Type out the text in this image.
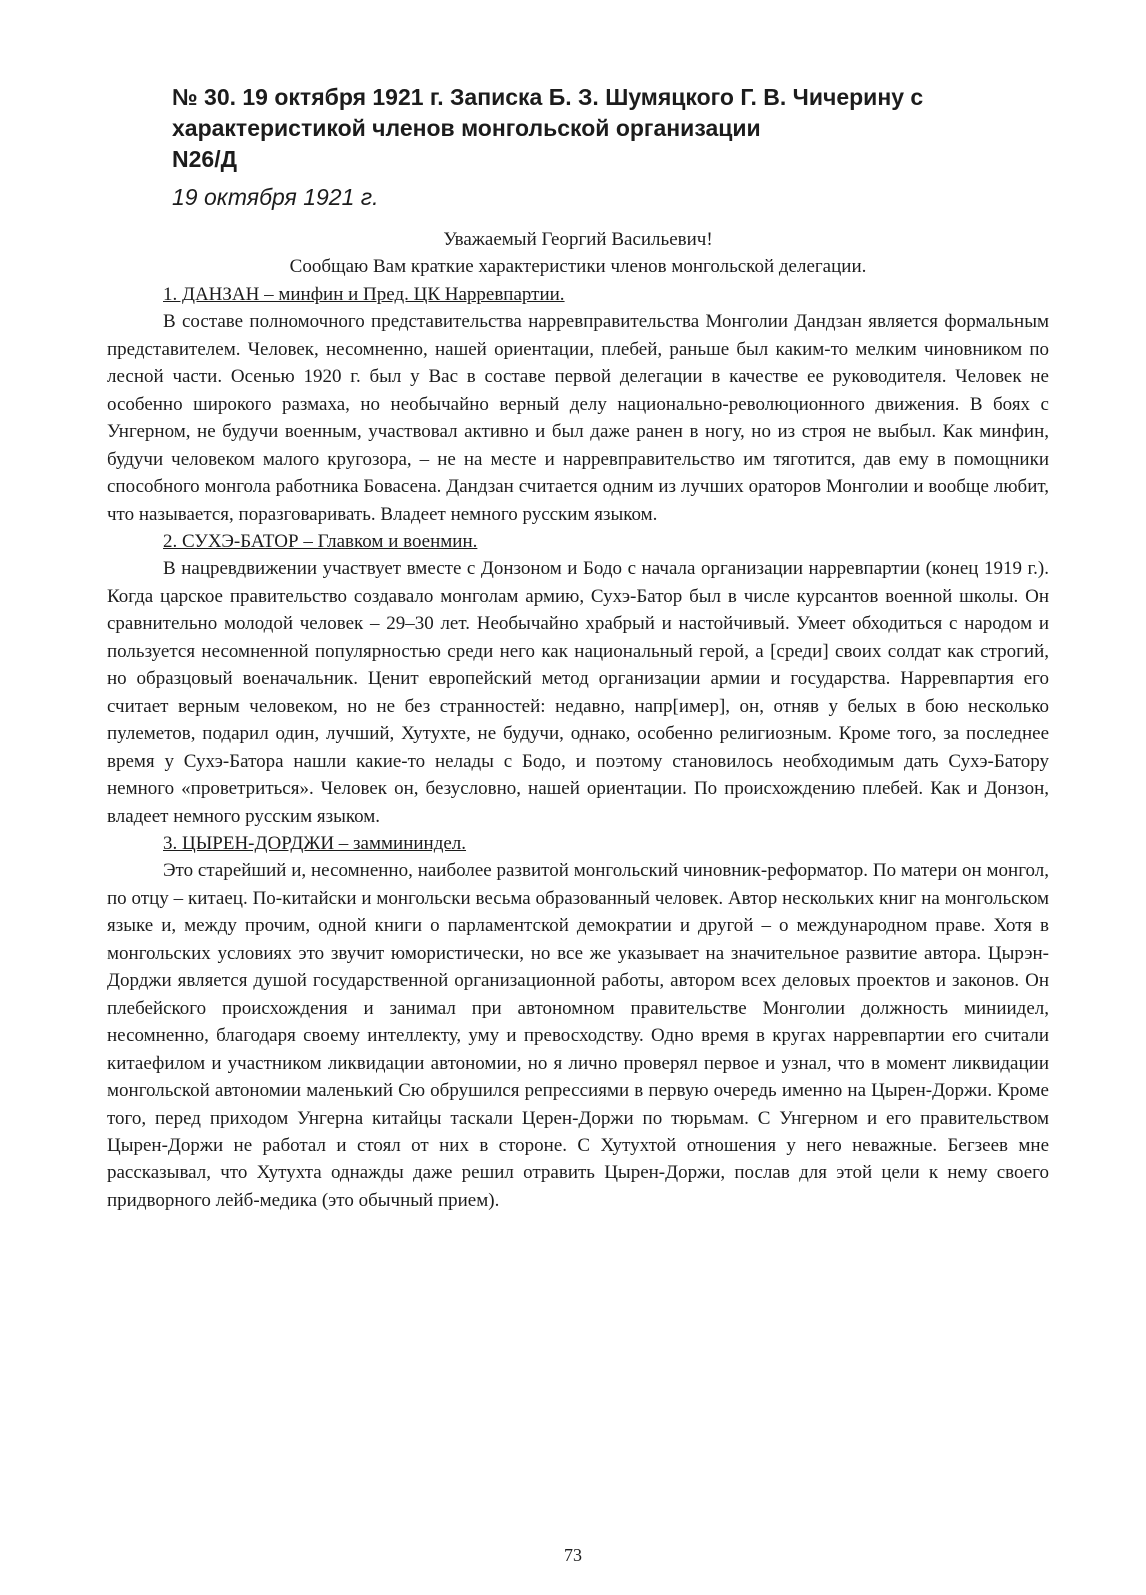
№ 30. 19 октября 1921 г. Записка Б. З. Шумяцкого Г. В. Чичерину с характеристикой членов монгольской организации
N26/Д
19 октября 1921 г.

Уважаемый Георгий Васильевич!

Сообщаю Вам краткие характеристики членов монгольской делегации.

1. ДАНЗАН – минфин и Пред. ЦК Нарревпартии.

В составе полномочного представительства нарревправительства Монголии Дандзан является формальным представителем. Человек, несомненно, нашей ориентации, плебей, раньше был каким-то мелким чиновником по лесной части. Осенью 1920 г. был у Вас в составе первой делегации в качестве ее руководителя. Человек не особенно широкого размаха, но необычайно верный делу национально-революционного движения. В боях с Унгерном, не будучи военным, участвовал активно и был даже ранен в ногу, но из строя не выбыл. Как минфин, будучи человеком малого кругозора, – не на месте и нарревправительство им тяготится, дав ему в помощники способного монгола работника Бовасена. Дандзан считается одним из лучших ораторов Монголии и вообще любит, что называется, поразговаривать. Владеет немного русским языком.

2. СУХЭ-БАТОР – Главком и военмин.

В нацревдвижении участвует вместе с Донзоном и Бодо с начала организации нарревпартии (конец 1919 г.). Когда царское правительство создавало монголам армию, Сухэ-Батор был в числе курсантов военной школы. Он сравнительно молодой человек – 29–30 лет. Необычайно храбрый и настойчивый. Умеет обходиться с народом и пользуется несомненной популярностью среди него как национальный герой, а [среди] своих солдат как строгий, но образцовый военачальник. Ценит европейский метод организации армии и государства. Нарревпартия его считает верным человеком, но не без странностей: недавно, напр[имер], он, отняв у белых в бою несколько пулеметов, подарил один, лучший, Хутухте, не будучи, однако, особенно религиозным. Кроме того, за последнее время у Сухэ-Батора нашли какие-то нелады с Бодо, и поэтому становилось необходимым дать Сухэ-Батору немного «проветриться». Человек он, безусловно, нашей ориентации. По происхождению плебей. Как и Донзон, владеет немного русским языком.

3. ЦЫРЕН-ДОРДЖИ – заммининдел.

Это старейший и, несомненно, наиболее развитой монгольский чиновник-реформатор. По матери он монгол, по отцу – китаец. По-китайски и монгольски весьма образованный человек. Автор нескольких книг на монгольском языке и, между прочим, одной книги о парламентской демократии и другой – о международном праве. Хотя в монгольских условиях это звучит юмористически, но все же указывает на значительное развитие автора. Цырэн-Дорджи является душой государственной организационной работы, автором всех деловых проектов и законов. Он плебейского происхождения и занимал при автономном правительстве Монголии должность миниидел, несомненно, благодаря своему интеллекту, уму и превосходству. Одно время в кругах нарревпартии его считали китаефилом и участником ликвидации автономии, но я лично проверял первое и узнал, что в момент ликвидации монгольской автономии маленький Сю обрушился репрессиями в первую очередь именно на Цырен-Доржи. Кроме того, перед приходом Унгерна китайцы таскали Церен-Доржи по тюрьмам. С Унгерном и его правительством Цырен-Доржи не работал и стоял от них в стороне. С Хутухтой отношения у него неважные. Бегзеев мне рассказывал, что Хутухта однажды даже решил отравить Цырен-Доржи, послав для этой цели к нему своего придворного лейб-медика (это обычный прием).

73
